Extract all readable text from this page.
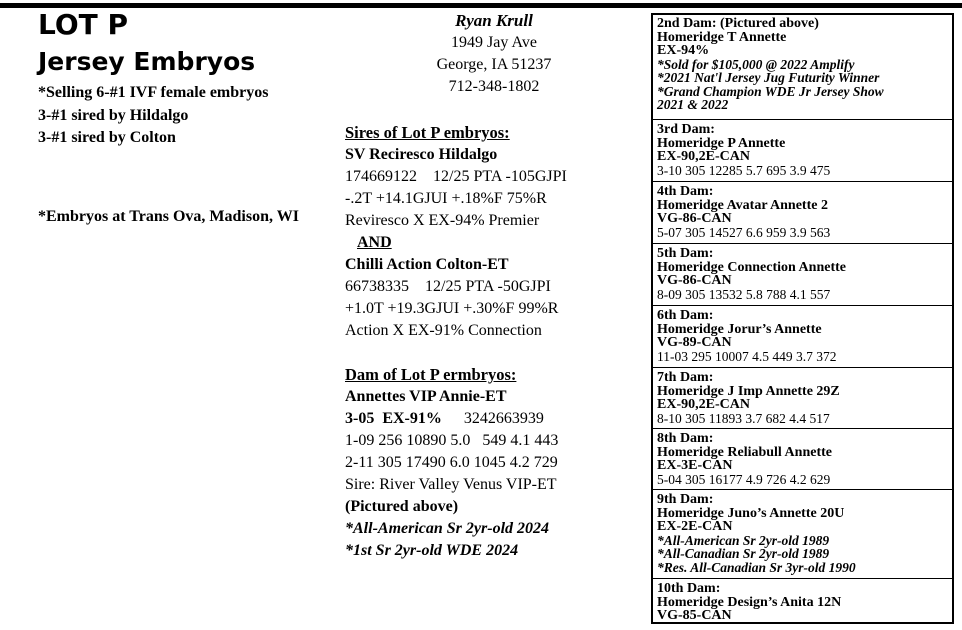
LOT P
Jersey Embryos
*Selling 6-#1 IVF female embryos
3-#1 sired by Hildalgo
3-#1 sired by Colton
*Embryos at Trans Ova, Madison, WI
Ryan Krull
1949 Jay Ave
George, IA 51237
712-348-1802
Sires of Lot P embryos:
SV Reciresco Hildalgo
174669122    12/25 PTA -105GJPI
-.2T +14.1GJUI +.18%F 75%R
Reviresco X EX-94% Premier
AND
Chilli Action Colton-ET
66738335    12/25 PTA -50GJPI
+1.0T +19.3GJUI +.30%F 99%R
Action X EX-91% Connection
Dam of Lot P ermbryos:
Annettes VIP Annie-ET
3-05  EX-91% 3242663939
1-09 256 10890 5.0   549 4.1 443
2-11 305 17490 6.0 1045 4.2 729
Sire: River Valley Venus VIP-ET
(Pictured above)
*All-American Sr 2yr-old 2024
*1st Sr 2yr-old WDE 2024
2nd Dam: (Pictured above)
Homeridge T Annette
EX-94%
*Sold for $105,000 @ 2022 Amplify
*2021 Nat'l Jersey Jug Futurity Winner
*Grand Champion WDE Jr Jersey Show
2021 & 2022
3rd Dam:
Homeridge P Annette
EX-90,2E-CAN
3-10 305 12285 5.7 695 3.9 475
4th Dam:
Homeridge Avatar Annette 2
VG-86-CAN
5-07 305 14527 6.6 959 3.9 563
5th Dam:
Homeridge Connection Annette
VG-86-CAN
8-09 305 13532 5.8 788 4.1 557
6th Dam:
Homeridge Jorur’s Annette
VG-89-CAN
11-03 295 10007 4.5 449 3.7 372
7th Dam:
Homeridge J Imp Annette 29Z
EX-90,2E-CAN
8-10 305 11893 3.7 682 4.4 517
8th Dam:
Homeridge Reliabull Annette
EX-3E-CAN
5-04 305 16177 4.9 726 4.2 629
9th Dam:
Homeridge Juno’s Annette 20U
EX-2E-CAN
*All-American Sr 2yr-old 1989
*All-Canadian Sr 2yr-old 1989
*Res. All-Canadian Sr 3yr-old 1990
10th Dam:
Homeridge Design’s Anita 12N
VG-85-CAN
